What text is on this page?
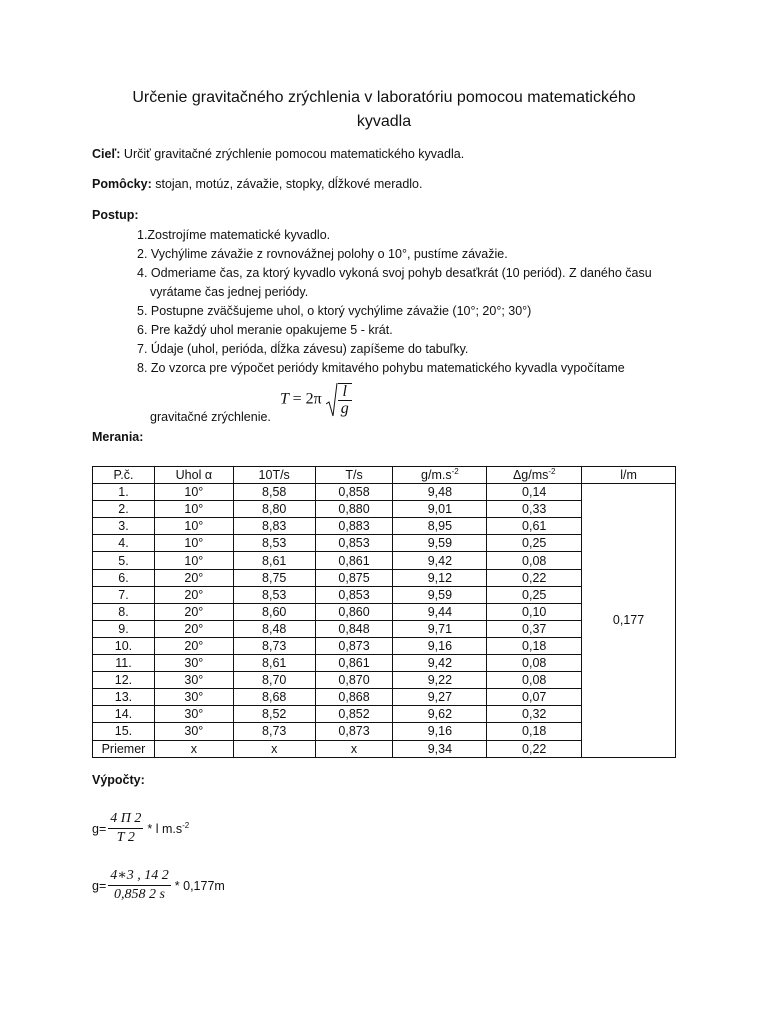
Určenie gravitačného zrýchlenia v laboratóriu pomocou matematického
kyvadla
Cieľ: Určiť gravitačné zrýchlenie pomocou matematického kyvadla.
Pomôcky: stojan, motúz, závažie, stopky, dĺžkové meradlo.
Postup:
1.Zostrojíme matematické kyvadlo.
2. Vychýlime závažie z rovnovážnej polohy o 10°, pustíme závažie.
4. Odmeriame čas, za ktorý kyvadlo vykoná svoj pohyb desaťkrát (10 periód). Z daného času
vyrátame čas jednej periódy.
5. Postupne zväčšujeme uhol, o ktorý vychýlime závažie (10°; 20°; 30°)
6. Pre každý uhol meranie opakujeme 5 - krát.
7. Údaje (uhol, perióda, dĺžka závesu) zapíšeme do tabuľky.
8. Zo vzorca pre výpočet periódy kmitavého pohybu matematického kyvadla vypočítame
$T = 2\pi \frac{l}{g}$
gravitačné zrýchlenie.
Merania:
P.č.	Uhol α	10T/s	T/s	$g/m.s^{-2}$	$\Delta g/ms^{-2}$	l/m
1.	10°	8,58	0,858	9,48	0,14	0,177
2.	10°	8,80	0,880	9,01	0,33	
3.	10°	8,83	0,883	8,95	0,61	
4.	10°	8,53	0,853	9,59	0,25	
5.	10°	8,61	0,861	9,42	0,08	
6.	20°	8,75	0,875	9,12	0,22	
7.	20°	8,53	0,853	9,59	0,25	
8.	20°	8,60	0,860	9,44	0,10	
9.	20°	8,48	0,848	9,71	0,37	
10.	20°	8,73	0,873	9,16	0,18	
11.	30°	8,61	0,861	9,42	0,08	
12.	30°	8,70	0,870	9,22	0,08	
13.	30°	8,68	0,868	9,27	0,07	
14.	30°	8,52	0,852	9,62	0,32	
15.	30°	8,73	0,873	9,16	0,18	
Priemer	x	x	x	9,34	0,22	
Výpočty:
$g= \frac{4 \Pi 2}{T 2} * l$ $m.s^{-2}$
$g= \frac{4∗3 , 14 2}{0,858 2 s} * 0,177m$
